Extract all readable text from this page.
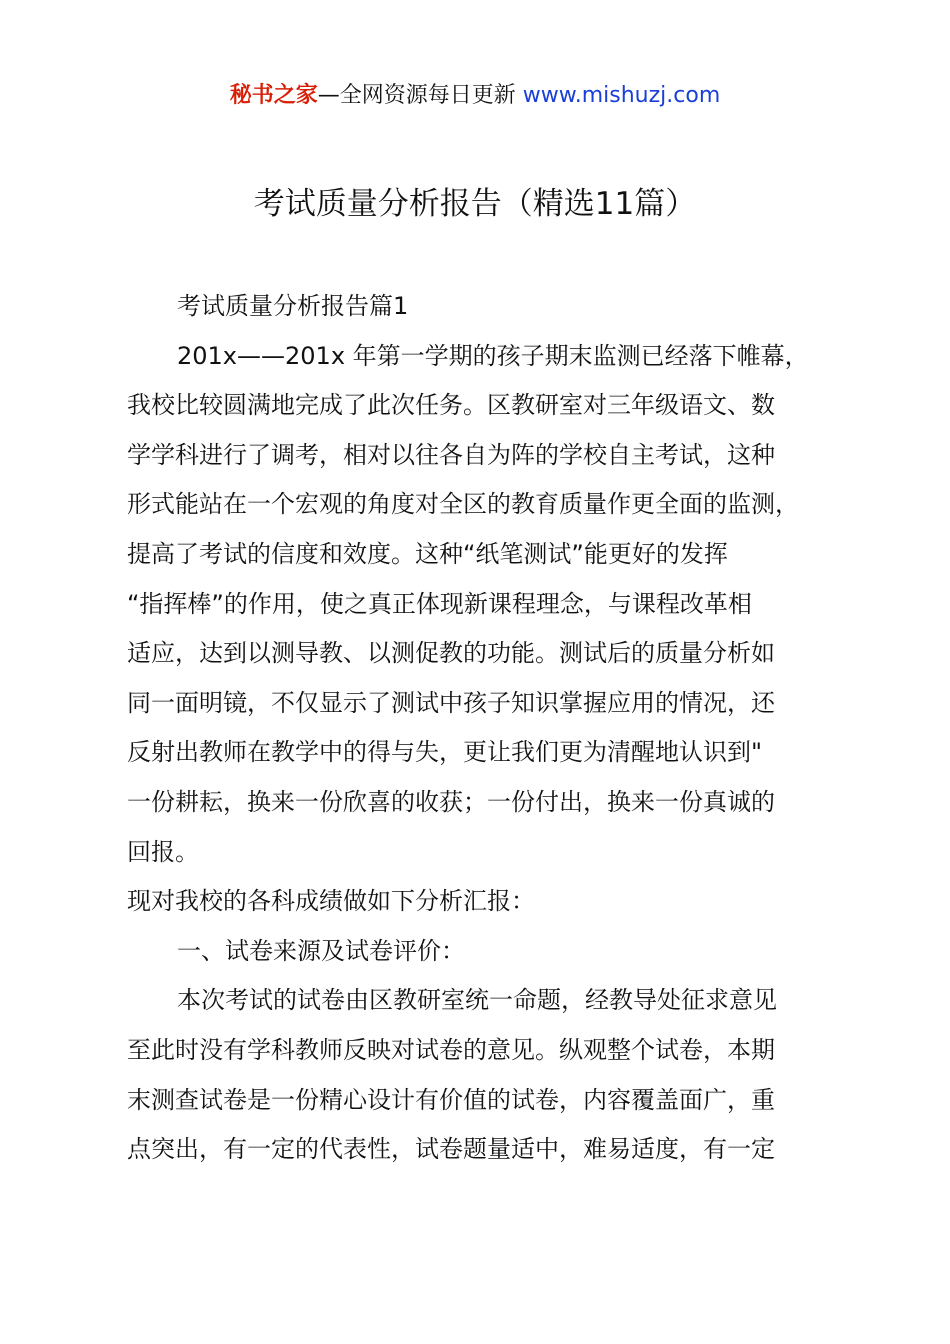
秘书之家—全网资源每日更新 www.mishuzj.com
考试质量分析报告（精选11篇）
考试质量分析报告篇1
201x——201x 年第一学期的孩子期末监测已经落下帷幕，
我校比较圆满地完成了此次任务。区教研室对三年级语文、数
学学科进行了调考，相对以往各自为阵的学校自主考试，这种
形式能站在一个宏观的角度对全区的教育质量作更全面的监测，
提高了考试的信度和效度。这种“纸笔测试”能更好的发挥
“指挥棒”的作用，使之真正体现新课程理念，与课程改革相
适应，达到以测导教、以测促教的功能。测试后的质量分析如
同一面明镜，不仅显示了测试中孩子知识掌握应用的情况，还
反射出教师在教学中的得与失，更让我们更为清醒地认识到"
一份耕耘，换来一份欣喜的收获；一份付出，换来一份真诚的
回报。
现对我校的各科成绩做如下分析汇报：
一、试卷来源及试卷评价：
本次考试的试卷由区教研室统一命题，经教导处征求意见
至此时没有学科教师反映对试卷的意见。纵观整个试卷，本期
末测查试卷是一份精心设计有价值的试卷，内容覆盖面广，重
点突出，有一定的代表性，试卷题量适中，难易适度，有一定
